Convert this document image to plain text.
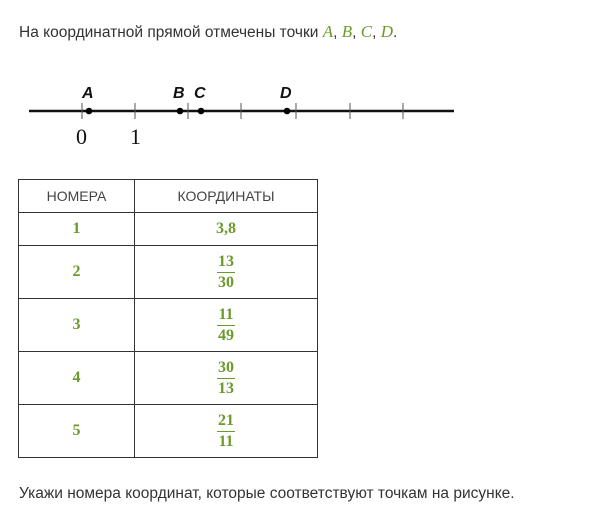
На координатной прямой отмечены точки A, B, C, D.
A	B C	D
0 1
НОМЕРА	КООРДИНАТЫ
1	3,8
2	$\frac{13}{30}$

3	$\frac{11}{49}$

4	$\frac{30}{13}$

5	$\frac{21}{11}$
Укажи номера координат, которые соответствуют точкам на рисунке.
